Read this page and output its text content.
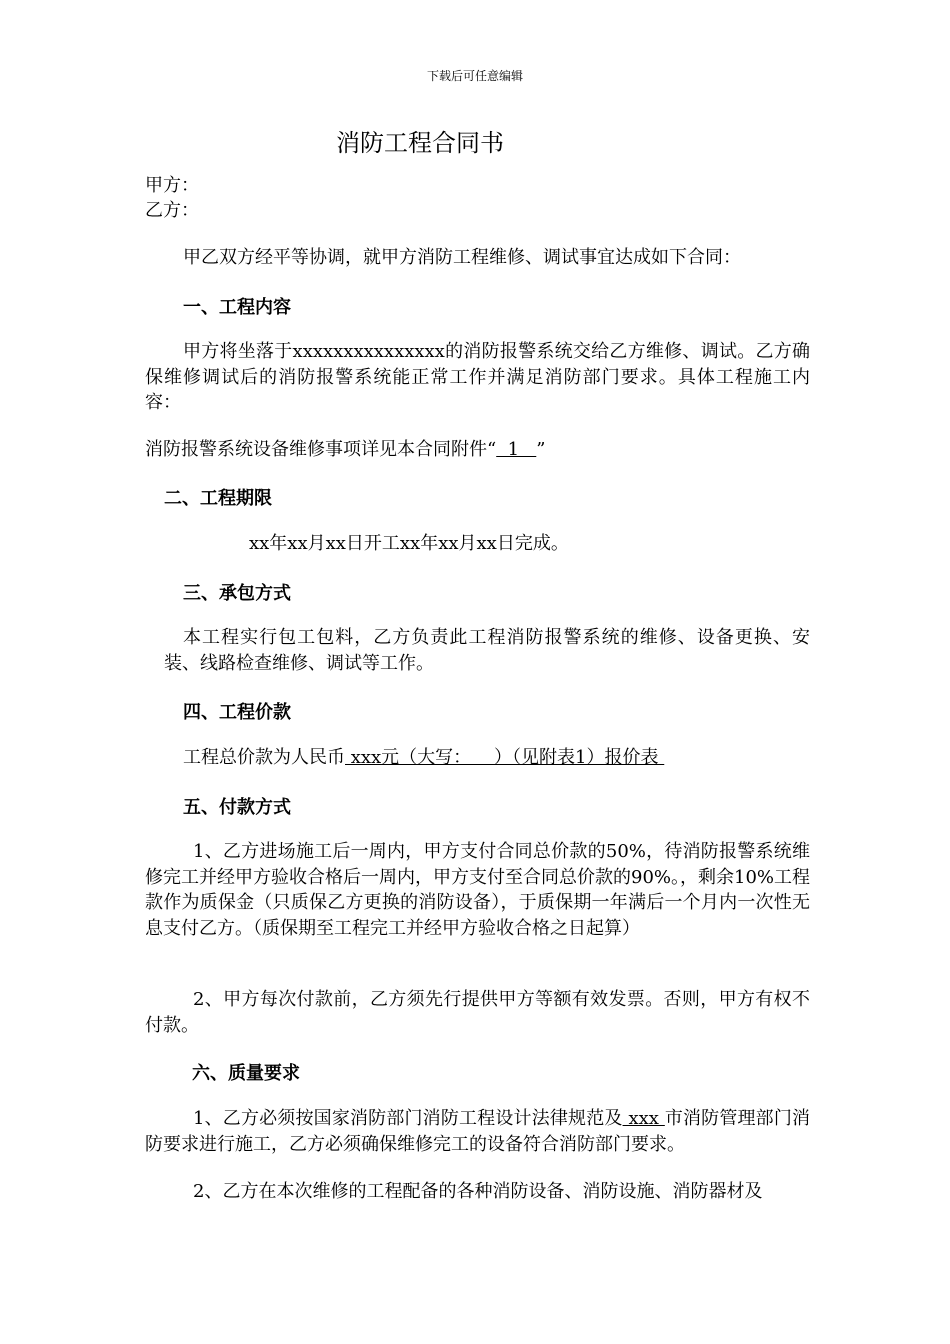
下载后可任意编辑
消防工程合同书
甲方：
乙方：
甲乙双方经平等协调，就甲方消防工程维修、调试事宜达成如下合同：
一、工程内容
甲方将坐落于xxxxxxxxxxxxxxx的消防报警系统交给乙方维修、调试。乙方确保维修调试后的消防报警系统能正常工作并满足消防部门要求。具体工程施工内容：
消防报警系统设备维修事项详见本合同附件“  1   ”
二、工程期限
xx年xx月xx日开工xx年xx月xx日完成。
三、承包方式
本工程实行包工包料，乙方负责此工程消防报警系统的维修、设备更换、安装、线路检查维修、调试等工作。
四、工程价款
工程总价款为人民币 xxx元（大写：    ）（见附表1）报价表
五、付款方式
1、乙方进场施工后一周内，甲方支付合同总价款的50%，待消防报警系统维修完工并经甲方验收合格后一周内，甲方支付至合同总价款的90%。，剩余10%工程款作为质保金（只质保乙方更换的消防设备），于质保期一年满后一个月内一次性无息支付乙方。（质保期至工程完工并经甲方验收合格之日起算）
2、甲方每次付款前，乙方须先行提供甲方等额有效发票。否则，甲方有权不付款。
六、质量要求
1、乙方必须按国家消防部门消防工程设计法律规范及 xxx 市消防管理部门消防要求进行施工，乙方必须确保维修完工的设备符合消防部门要求。
2、乙方在本次维修的工程配备的各种消防设备、消防设施、消防器材及
